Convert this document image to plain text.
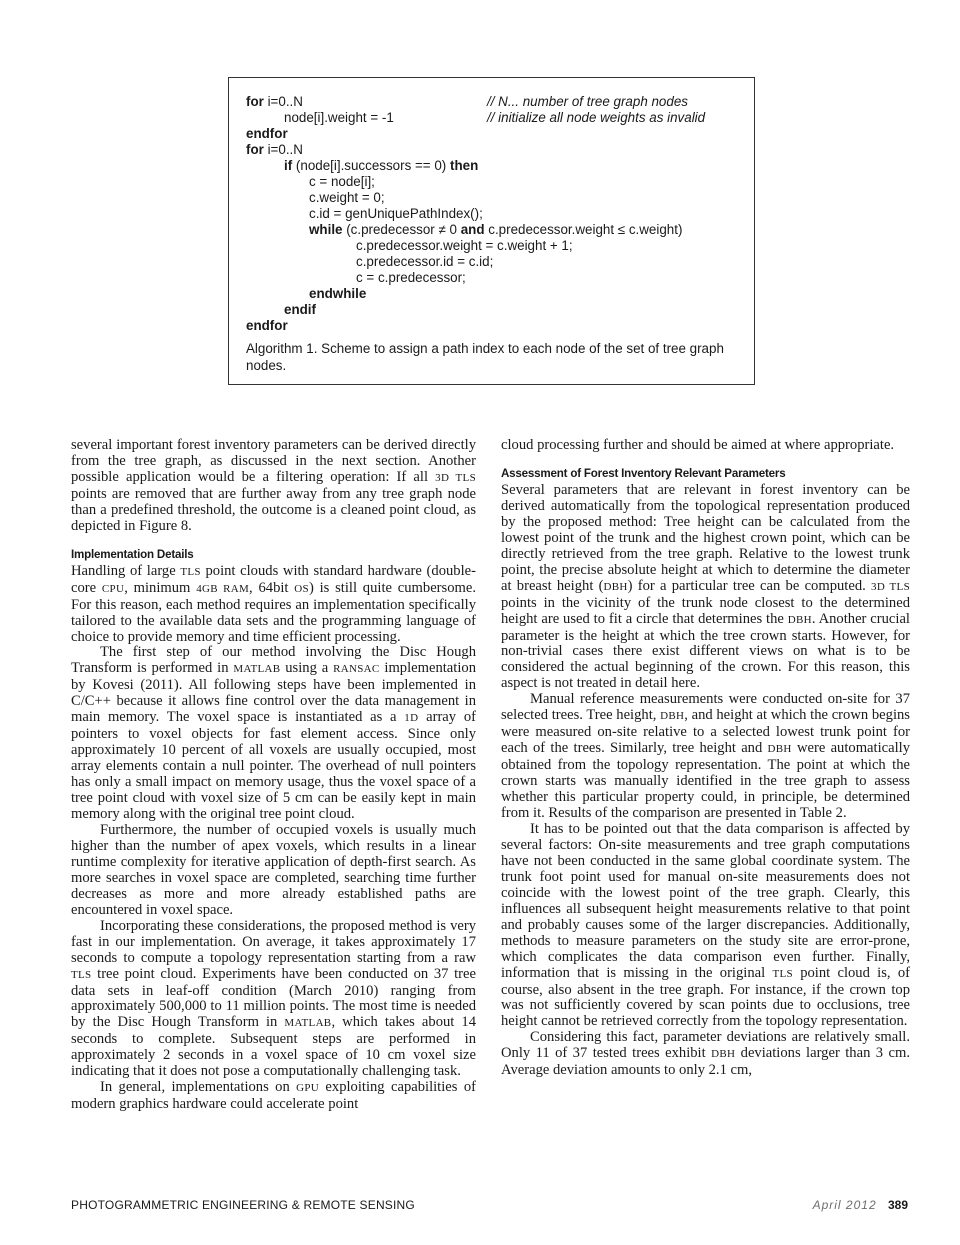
for i=0..N
node[i].weight = -1
endfor
for i=0..N
if (node[i].successors == 0) then
c = node[i];
c.weight = 0;
c.id = genUniquePathIndex();
while (c.predecessor ≠ 0 and c.predecessor.weight ≤ c.weight)
c.predecessor.weight = c.weight + 1;
c.predecessor.id = c.id;
c = c.predecessor;
endwhile
endif
endfor
// N... number of tree graph nodes
// initialize all node weights as invalid
Algorithm 1. Scheme to assign a path index to each node of the set of tree graph nodes.

several important forest inventory parameters can be derived directly from the tree graph, as discussed in the next section. Another possible application would be a filtering operation: If all 3D TLS points are removed that are further away from any tree graph node than a predefined threshold, the outcome is a cleaned point cloud, as depicted in Figure 8.

Implementation Details

Handling of large TLS point clouds with standard hardware (double-core CPU, minimum 4GB RAM, 64bit OS) is still quite cumbersome. For this reason, each method requires an implementation specifically tailored to the available data sets and the programming language of choice to provide memory and time efficient processing.

The first step of our method involving the Disc Hough Transform is performed in MATLAB using a RANSAC implementation by Kovesi (2011). All following steps have been implemented in C/C++ because it allows fine control over the data management in main memory. The voxel space is instantiated as a 1D array of pointers to voxel objects for fast element access. Since only approximately 10 percent of all voxels are usually occupied, most array elements contain a null pointer. The overhead of null pointers has only a small impact on memory usage, thus the voxel space of a tree point cloud with voxel size of 5 cm can be easily kept in main memory along with the original tree point cloud.

Furthermore, the number of occupied voxels is usually much higher than the number of apex voxels, which results in a linear runtime complexity for iterative application of depth-first search. As more searches in voxel space are completed, searching time further decreases as more and more already established paths are encountered in voxel space.

Incorporating these considerations, the proposed method is very fast in our implementation. On average, it takes approximately 17 seconds to compute a topology representation starting from a raw TLS tree point cloud. Experiments have been conducted on 37 tree data sets in leaf-off condition (March 2010) ranging from approximately 500,000 to 11 million points. The most time is needed by the Disc Hough Transform in MATLAB, which takes about 14 seconds to complete. Subsequent steps are performed in approximately 2 seconds in a voxel space of 10 cm voxel size indicating that it does not pose a computationally challenging task.

In general, implementations on GPU exploiting capabilities of modern graphics hardware could accelerate point

cloud processing further and should be aimed at where appropriate.

Assessment of Forest Inventory Relevant Parameters

Several parameters that are relevant in forest inventory can be derived automatically from the topological representation produced by the proposed method: Tree height can be calculated from the lowest point of the trunk and the highest crown point, which can be directly retrieved from the tree graph. Relative to the lowest trunk point, the precise absolute height at which to determine the diameter at breast height (DBH) for a particular tree can be computed. 3D TLS points in the vicinity of the trunk node closest to the determined height are used to fit a circle that determines the DBH. Another crucial parameter is the height at which the tree crown starts. However, for non-trivial cases there exist different views on what is to be considered the actual beginning of the crown. For this reason, this aspect is not treated in detail here.

Manual reference measurements were conducted on-site for 37 selected trees. Tree height, DBH, and height at which the crown begins were measured on-site relative to a selected lowest trunk point for each of the trees. Similarly, tree height and DBH were automatically obtained from the topology representation. The point at which the crown starts was manually identified in the tree graph to assess whether this particular property could, in principle, be determined from it. Results of the comparison are presented in Table 2.

It has to be pointed out that the data comparison is affected by several factors: On-site measurements and tree graph computations have not been conducted in the same global coordinate system. The trunk foot point used for manual on-site measurements does not coincide with the lowest point of the tree graph. Clearly, this influences all subsequent height measurements relative to that point and probably causes some of the larger discrepancies. Additionally, methods to measure parameters on the study site are error-prone, which complicates the data comparison even further. Finally, information that is missing in the original TLS point cloud is, of course, also absent in the tree graph. For instance, if the crown top was not sufficiently covered by scan points due to occlusions, tree height cannot be retrieved correctly from the topology representation.

Considering this fact, parameter deviations are relatively small. Only 11 of 37 tested trees exhibit DBH deviations larger than 3 cm. Average deviation amounts to only 2.1 cm,

PHOTOGRAMMETRIC ENGINEERING & REMOTE SENSING	April 2012 389
